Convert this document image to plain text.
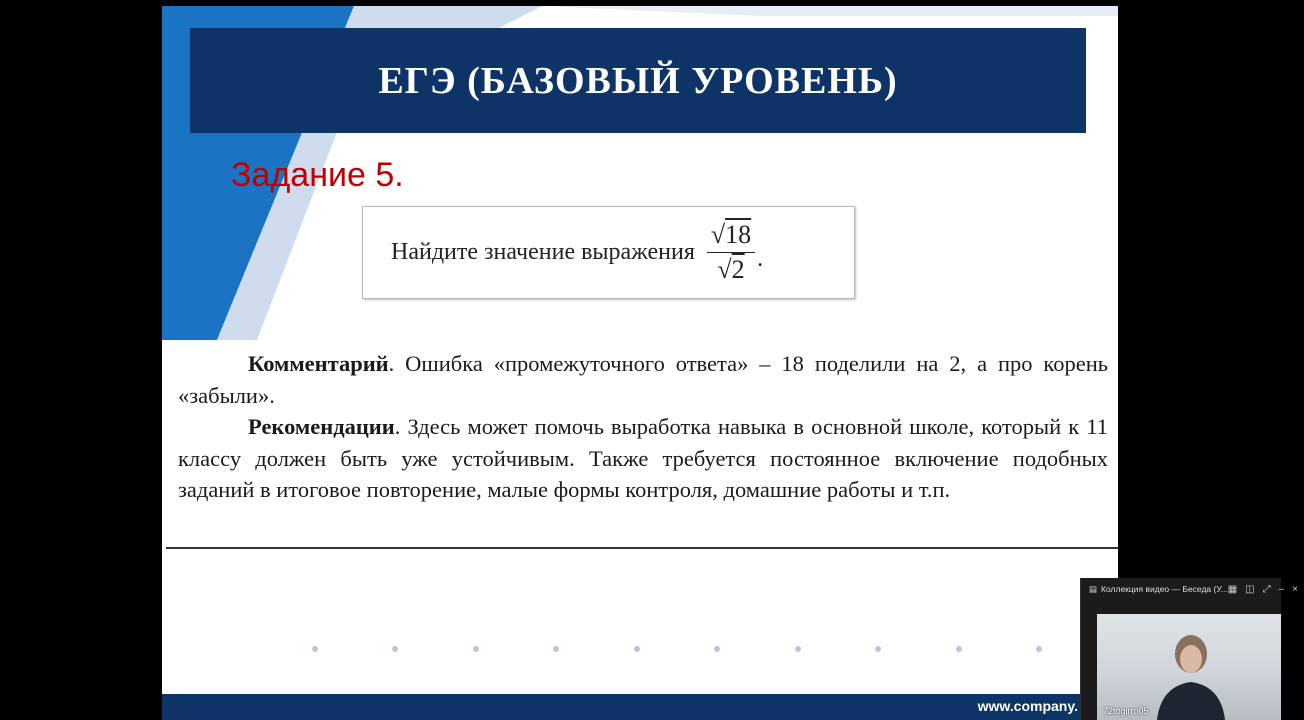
ЕГЭ (БАЗОВЫЙ УРОВЕНЬ)
Задание 5.
Найдите значение выражения $\frac{√18}{√2}$ .
Комментарий. Ошибка «промежуточного ответа» – 18 поделили на 2, а про корень «забыли».
Рекомендации. Здесь может помочь выработка навыка в основной школе, который к 11 классу должен быть уже устойчивым. Также требуется постоянное включение подобных заданий в итоговое повторение, малые формы контроля, домашние работы и т.п.
www.company.
▤ Коллекция видео — Беседа (У... ▦ ◫ ⤢ – ×
72togirro05
